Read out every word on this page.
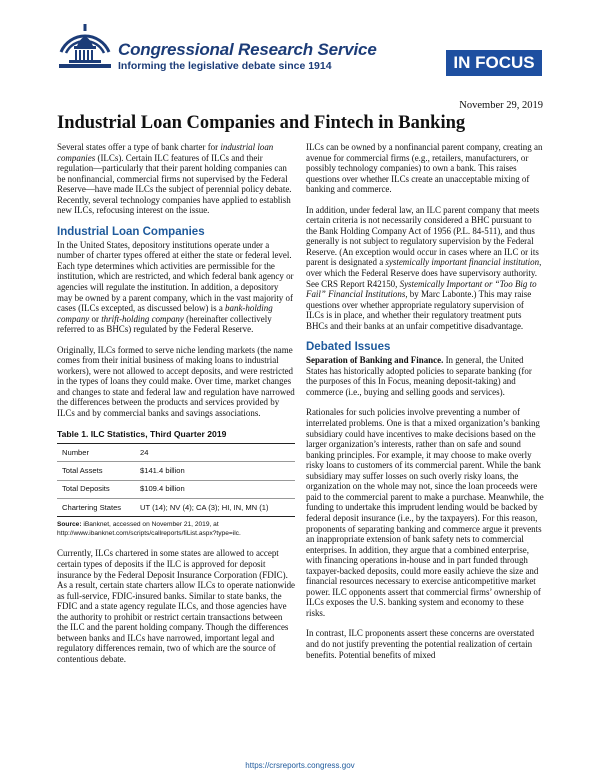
Congressional Research Service
Informing the legislative debate since 1914	IN FOCUS
November 29, 2019
Industrial Loan Companies and Fintech in Banking

Several states offer a type of bank charter for industrial loan companies (ILCs). Certain ILC features of ILCs and their regulation—particularly that their parent holding companies can be nonfinancial, commercial firms not supervised by the Federal Reserve—have made ILCs the subject of perennial policy debate. Recently, several technology companies have applied to establish new ILCs, refocusing interest on the issue.

Industrial Loan Companies

In the United States, depository institutions operate under a number of charter types offered at either the state or federal level. Each type determines which activities are permissible for the institution, which are restricted, and which federal bank agency or agencies will regulate the institution. In addition, a depository may be owned by a parent company, which in the vast majority of cases (ILCs excepted, as discussed below) is a bank-holding company or thrift-holding company (hereinafter collectively referred to as BHCs) regulated by the Federal Reserve.

Originally, ILCs formed to serve niche lending markets (the name comes from their initial business of making loans to industrial workers), were not allowed to accept deposits, and were restricted in the types of loans they could make. Over time, market changes and changes to state and federal law and regulation have narrowed the differences between the products and services provided by ILCs and by commercial banks and savings associations.

Table 1. ILC Statistics, Third Quarter 2019
Number	24
Total Assets	$141.4 billion
Total Deposits	$109.4 billion
Chartering States	UT (14); NV (4); CA (3); HI, IN, MN (1)
Source: iBanknet, accessed on November 21, 2019, at http://www.ibanknet.com/scripts/callreports/fiList.aspx?type=ilc.

Currently, ILCs chartered in some states are allowed to accept certain types of deposits if the ILC is approved for deposit insurance by the Federal Deposit Insurance Corporation (FDIC). As a result, certain state charters allow ILCs to operate nationwide as full-service, FDIC-insured banks. Similar to state banks, the FDIC and a state agency regulate ILCs, and those agencies have the authority to prohibit or restrict certain transactions between the ILC and the parent holding company. Though the differences between banks and ILCs have narrowed, important legal and regulatory differences remain, two of which are the source of contentious debate.

ILCs can be owned by a nonfinancial parent company, creating an avenue for commercial firms (e.g., retailers, manufacturers, or possibly technology companies) to own a bank. This raises questions over whether ILCs create an unacceptable mixing of banking and commerce.

In addition, under federal law, an ILC parent company that meets certain criteria is not necessarily considered a BHC pursuant to the Bank Holding Company Act of 1956 (P.L. 84-511), and thus generally is not subject to regulatory supervision by the Federal Reserve. (An exception would occur in cases where an ILC or its parent is designated a systemically important financial institution, over which the Federal Reserve does have supervisory authority. See CRS Report R42150, Systemically Important or “Too Big to Fail” Financial Institutions, by Marc Labonte.) This may raise questions over whether appropriate regulatory supervision of ILCs is in place, and whether their regulatory treatment puts BHCs and their banks at an unfair competitive disadvantage.

Debated Issues

Separation of Banking and Finance. In general, the United States has historically adopted policies to separate banking (for the purposes of this In Focus, meaning deposit-taking) and commerce (i.e., buying and selling goods and services).

Rationales for such policies involve preventing a number of interrelated problems. One is that a mixed organization’s banking subsidiary could have incentives to make decisions based on the larger organization’s interests, rather than on safe and sound banking principles. For example, it may choose to make overly risky loans to customers of its commercial parent. While the bank subsidiary may suffer losses on such overly risky loans, the organization on the whole may not, since the loan proceeds were paid to the commercial parent to make a purchase. Meanwhile, the funding to undertake this imprudent lending would be backed by federal deposit insurance (i.e., by the taxpayers). For this reason, proponents of separating banking and commerce argue it prevents an inappropriate extension of bank safety nets to commercial enterprises. In addition, they argue that a combined enterprise, with financing operations in-house and in part funded through taxpayer-backed deposits, could more easily achieve the size and financial resources necessary to exercise anticompetitive market power. ILC opponents assert that commercial firms’ ownership of ILCs exposes the U.S. banking system and economy to these risks.

In contrast, ILC proponents assert these concerns are overstated and do not justify preventing the potential realization of certain benefits. Potential benefits of mixed

https://crsreports.congress.gov
